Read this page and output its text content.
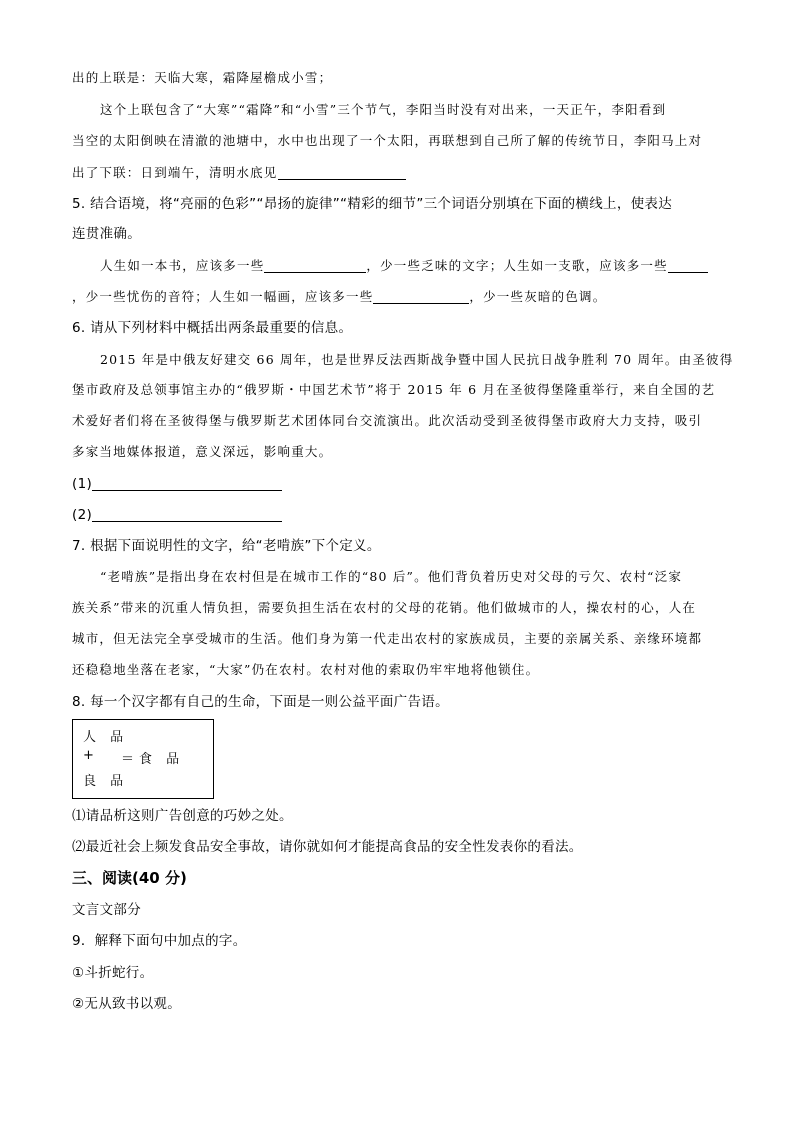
出的上联是：天临大寒，霜降屋檐成小雪；
这个上联包含了“大寒”“霜降”和“小雪”三个节气，李阳当时没有对出来，一天正午，李阳看到
当空的太阳倒映在清澈的池塘中，水中也出现了一个太阳，再联想到自己所了解的传统节日，李阳马上对
出了下联：日到端午，清明水底见
5. 结合语境，将“亮丽的色彩”“昂扬的旋律”“精彩的细节”三个词语分别填在下面的横线上，使表达
连贯准确。
人生如一本书，应该多一些	，少一些乏味的文字；人生如一支歌，应该多一些
，少一些忧伤的音符；人生如一幅画，应该多一些	，少一些灰暗的色调。
6. 请从下列材料中概括出两条最重要的信息。
2015 年是中俄友好建交 66 周年，也是世界反法西斯战争暨中国人民抗日战争胜利 70 周年。由圣彼得
堡市政府及总领事馆主办的“俄罗斯・中国艺术节”将于 2015 年 6 月在圣彼得堡隆重举行，来自全国的艺
术爱好者们将在圣彼得堡与俄罗斯艺术团体同台交流演出。此次活动受到圣彼得堡市政府大力支持，吸引
多家当地媒体报道，意义深远，影响重大。
(1)
(2)
7. 根据下面说明性的文字，给“老啃族”下个定义。
“老啃族”是指出身在农村但是在城市工作的“80 后”。他们背负着历史对父母的亏欠、农村“泛家
族关系”带来的沉重人情负担，需要负担生活在农村的父母的花销。他们做城市的人，操农村的心，人在
城市，但无法完全享受城市的生活。他们身为第一代走出农村的家族成员，主要的亲属关系、亲缘环境都
还稳稳地坐落在老家，“大家”仍在农村。农村对他的索取仍牢牢地将他锁住。
8. 每一个汉字都有自己的生命，下面是一则公益平面广告语。
人 品
+ ＝食 品
良 品
⑴请品析这则广告创意的巧妙之处。
⑵最近社会上频发食品安全事故，请你就如何才能提高食品的安全性发表你的看法。
三、阅读(40 分)
文言文部分
9．解释下面句中加点的字。
①斗折蛇行。
②无从致书以观。
